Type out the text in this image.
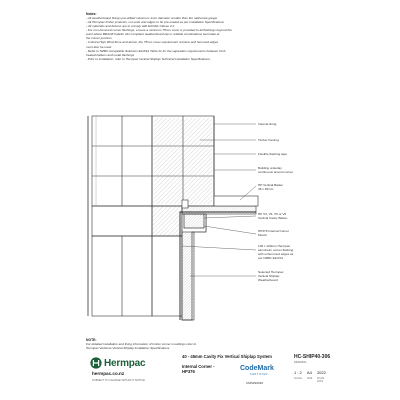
Notes:
- All weatherboard fixings pre-drilled maximum 1mm diameter smaller than the nail/screw gauge
- All Hermpac timber products, cut ends and edges to be pre-coated as per Installation Specifications
- All materials and fixtures are to comply with E2/AS1 Clause 2.2
- For non-hemmed corner flashings, ensure a minimum 75mm cover is provided to all flashings beyond the
point where BRANZ bulletin 411 compliant weatherboard lap or reliable combinations terminate at
the corner junction.
- In Extra High Wind Zone and above, the 75mm cover requirement remains and hemmed edges
must also be used.
- Refer to NZBC Acceptable Solutions E2/AS1 Table 21 for the separation requirements between CCA
treated battens and metal flashings
- Prior to installation, refer to Hermpac Vertical Shiplap Technical Installation Specifications.
Internal lining
Timber framing
Flexible flashing tape
Building underlay
continuous around corner
HP Vertical Batten
45 x 45mm
HP V3, V4, V5 or V6
Vertical Cavity Batten
HP376 Internal Corner
Mould
100 x 100mm Hermpac
aluminium corner flashing
with unhemmed edges as
per NZBC E2/AS1
Selected Hermpac
Vertical Shiplap
Weatherboard
NOTE:
For detailed installation and fixing information of timber corner mouldings refer to
Hermpac VertiLine Vertical Shiplap Installation Specifications.
Hermpac
hermpac.co.nz
SUBJECT TO CHANGE WITHOUT NOTICE
40 - 45mm Cavity Fix Vertical Shiplap System
Internal Corner -
HP376	CodeMark
CERTIFIED
CMNZ30036
HC-SHIP40-306
DRAWING
1 : 2 A4 2022
SCALE SIZE ISSUE DATE
